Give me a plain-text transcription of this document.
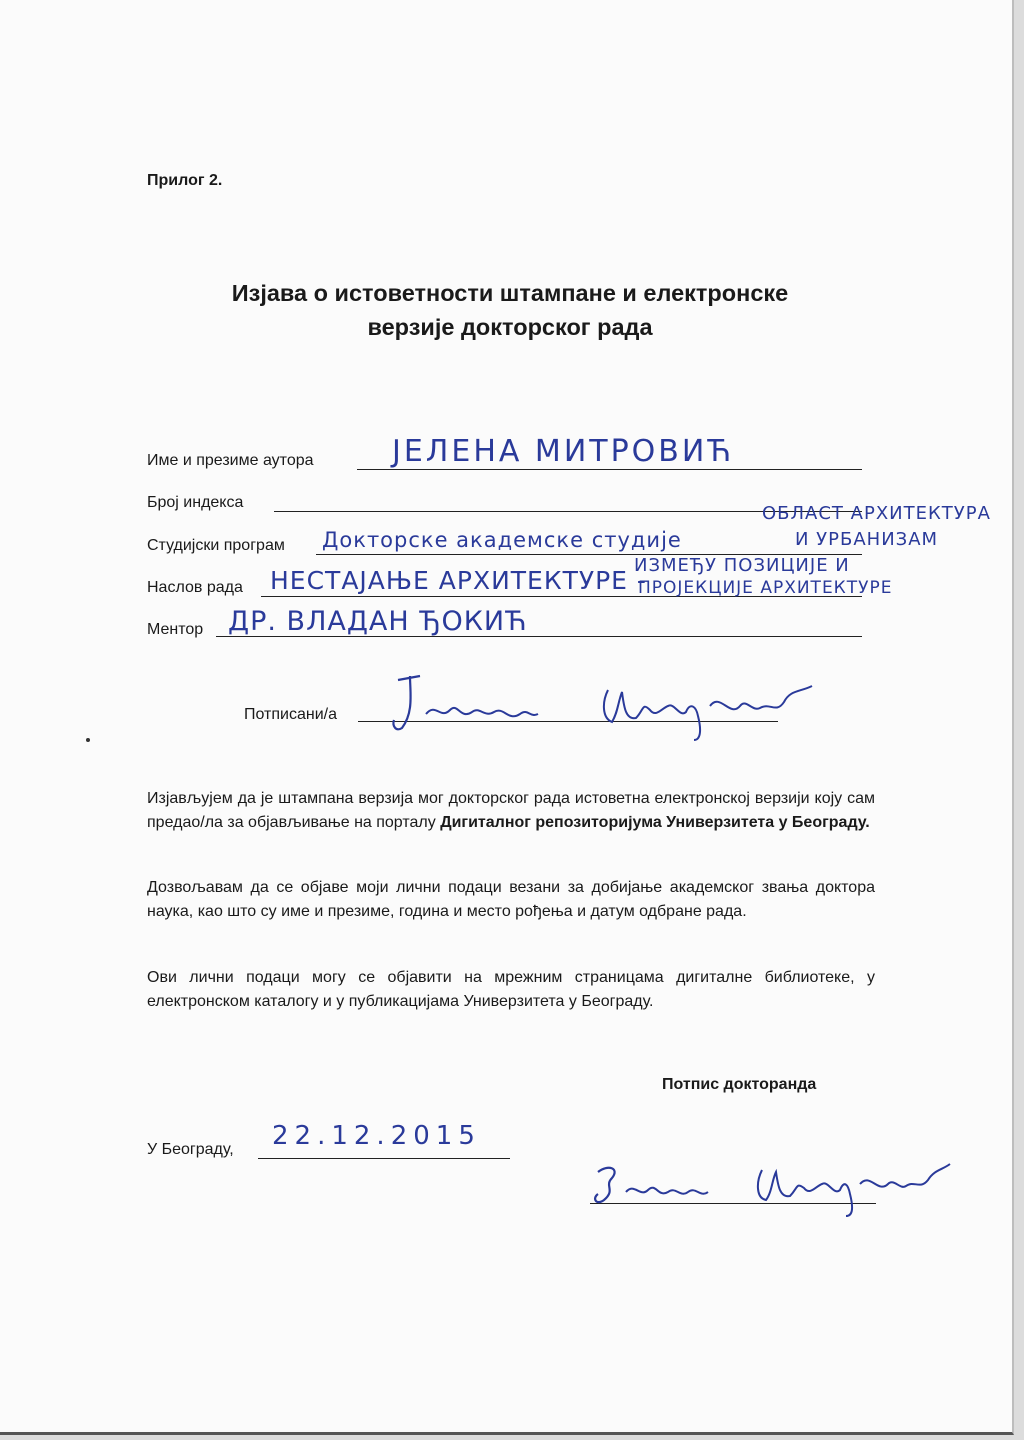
Прилог 2.
Изјава о истоветности штампане и електронске
верзије докторског рада
Име и презиме аутора	ЈЕЛЕНА МИТРОВИЋ
Број индекса
ОБЛАСТ АРХИТЕКТУРА
Студијски програм Докторске академске студије	И УРБАНИЗАМ
ИЗМЕЂУ ПОЗИЦИЈЕ И
Наслов рада НЕСТАЈАЊЕ АРХИТЕКТУРЕ -
ПРОЈЕКЦИЈЕ АРХИТЕКТУРЕ
Ментор ДР. ВЛАДАН ЂОКИЋ
Потписани/а
Изјављујем да је штампана верзија мог докторског рада истоветна електронској верзији коју сам предао/ла за објављивање на порталу Дигиталног репозиторијума Универзитета у Београду.
Дозвољавам да се објаве моји лични подаци везани за добијање академског звања доктора наука, као што су име и презиме, година и место рођења и датум одбране рада.
Ови лични подаци могу се објавити на мрежним страницама дигиталне библиотеке, у електронском каталогу и у публикацијама Универзитета у Београду.
Потпис докторанда
У Београду, 22.12.2015
